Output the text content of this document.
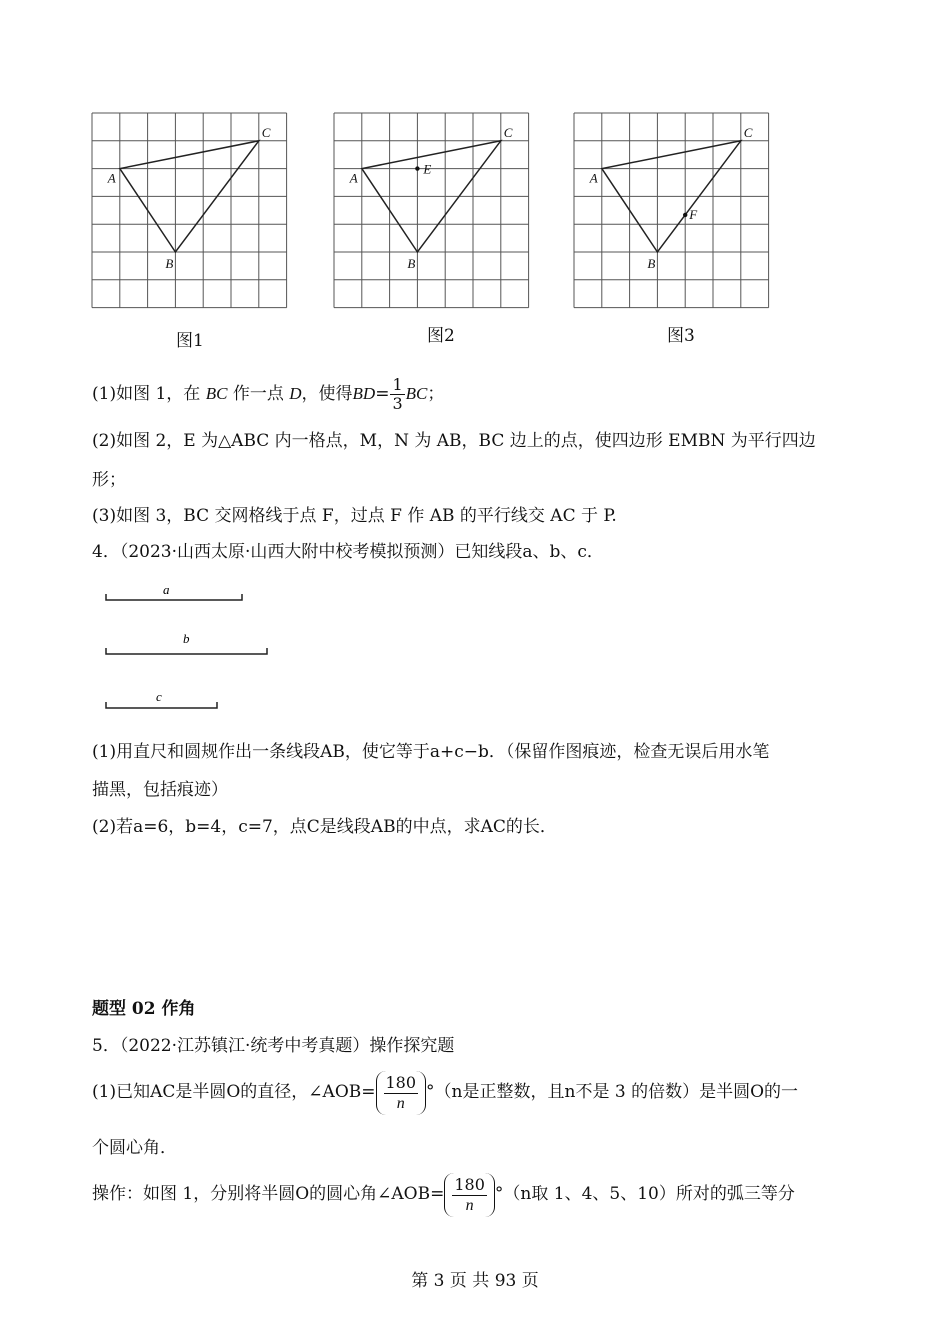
A
B
C
A
B
C
E
A
B
C
F
图1	图2	图3
(1)如图 1，在 BC 作一点 D，使得$BD= \frac{1}{3}$ BC；
(2)如图 2，E 为△ABC 内一格点，M，N 为 AB，BC 边上的点，使四边形 EMBN 为平行四边
形；
(3)如图 3，BC 交网格线于点 F，过点 F 作 AB 的平行线交 AC 于 P.
4．（2023·山西太原·山西大附中校考模拟预测）已知线段a、b、c．
a
b
c
(1)用直尺和圆规作出一条线段AB，使它等于a+c−b．（保留作图痕迹，检查无误后用水笔
描黑，包括痕迹）
(2)若a=6，b=4，c=7，点C是线段AB的中点，求AC的长．
题型 02 作角
5．（2022·江苏镇江·统考中考真题）操作探究题
(1)已知AC是半圆O的直径，∠AOB= $\frac{180}{n} ^\circ(n$是正整数，且n不是 3 的倍数）是半圆O的一
个圆心角．
操作：如图 1，分别将半圆O的圆心角∠AOB= $\frac{180}{n} ^\circ(n$取 1、4、5、10）所对的弧三等分
第 3 页 共 93 页
